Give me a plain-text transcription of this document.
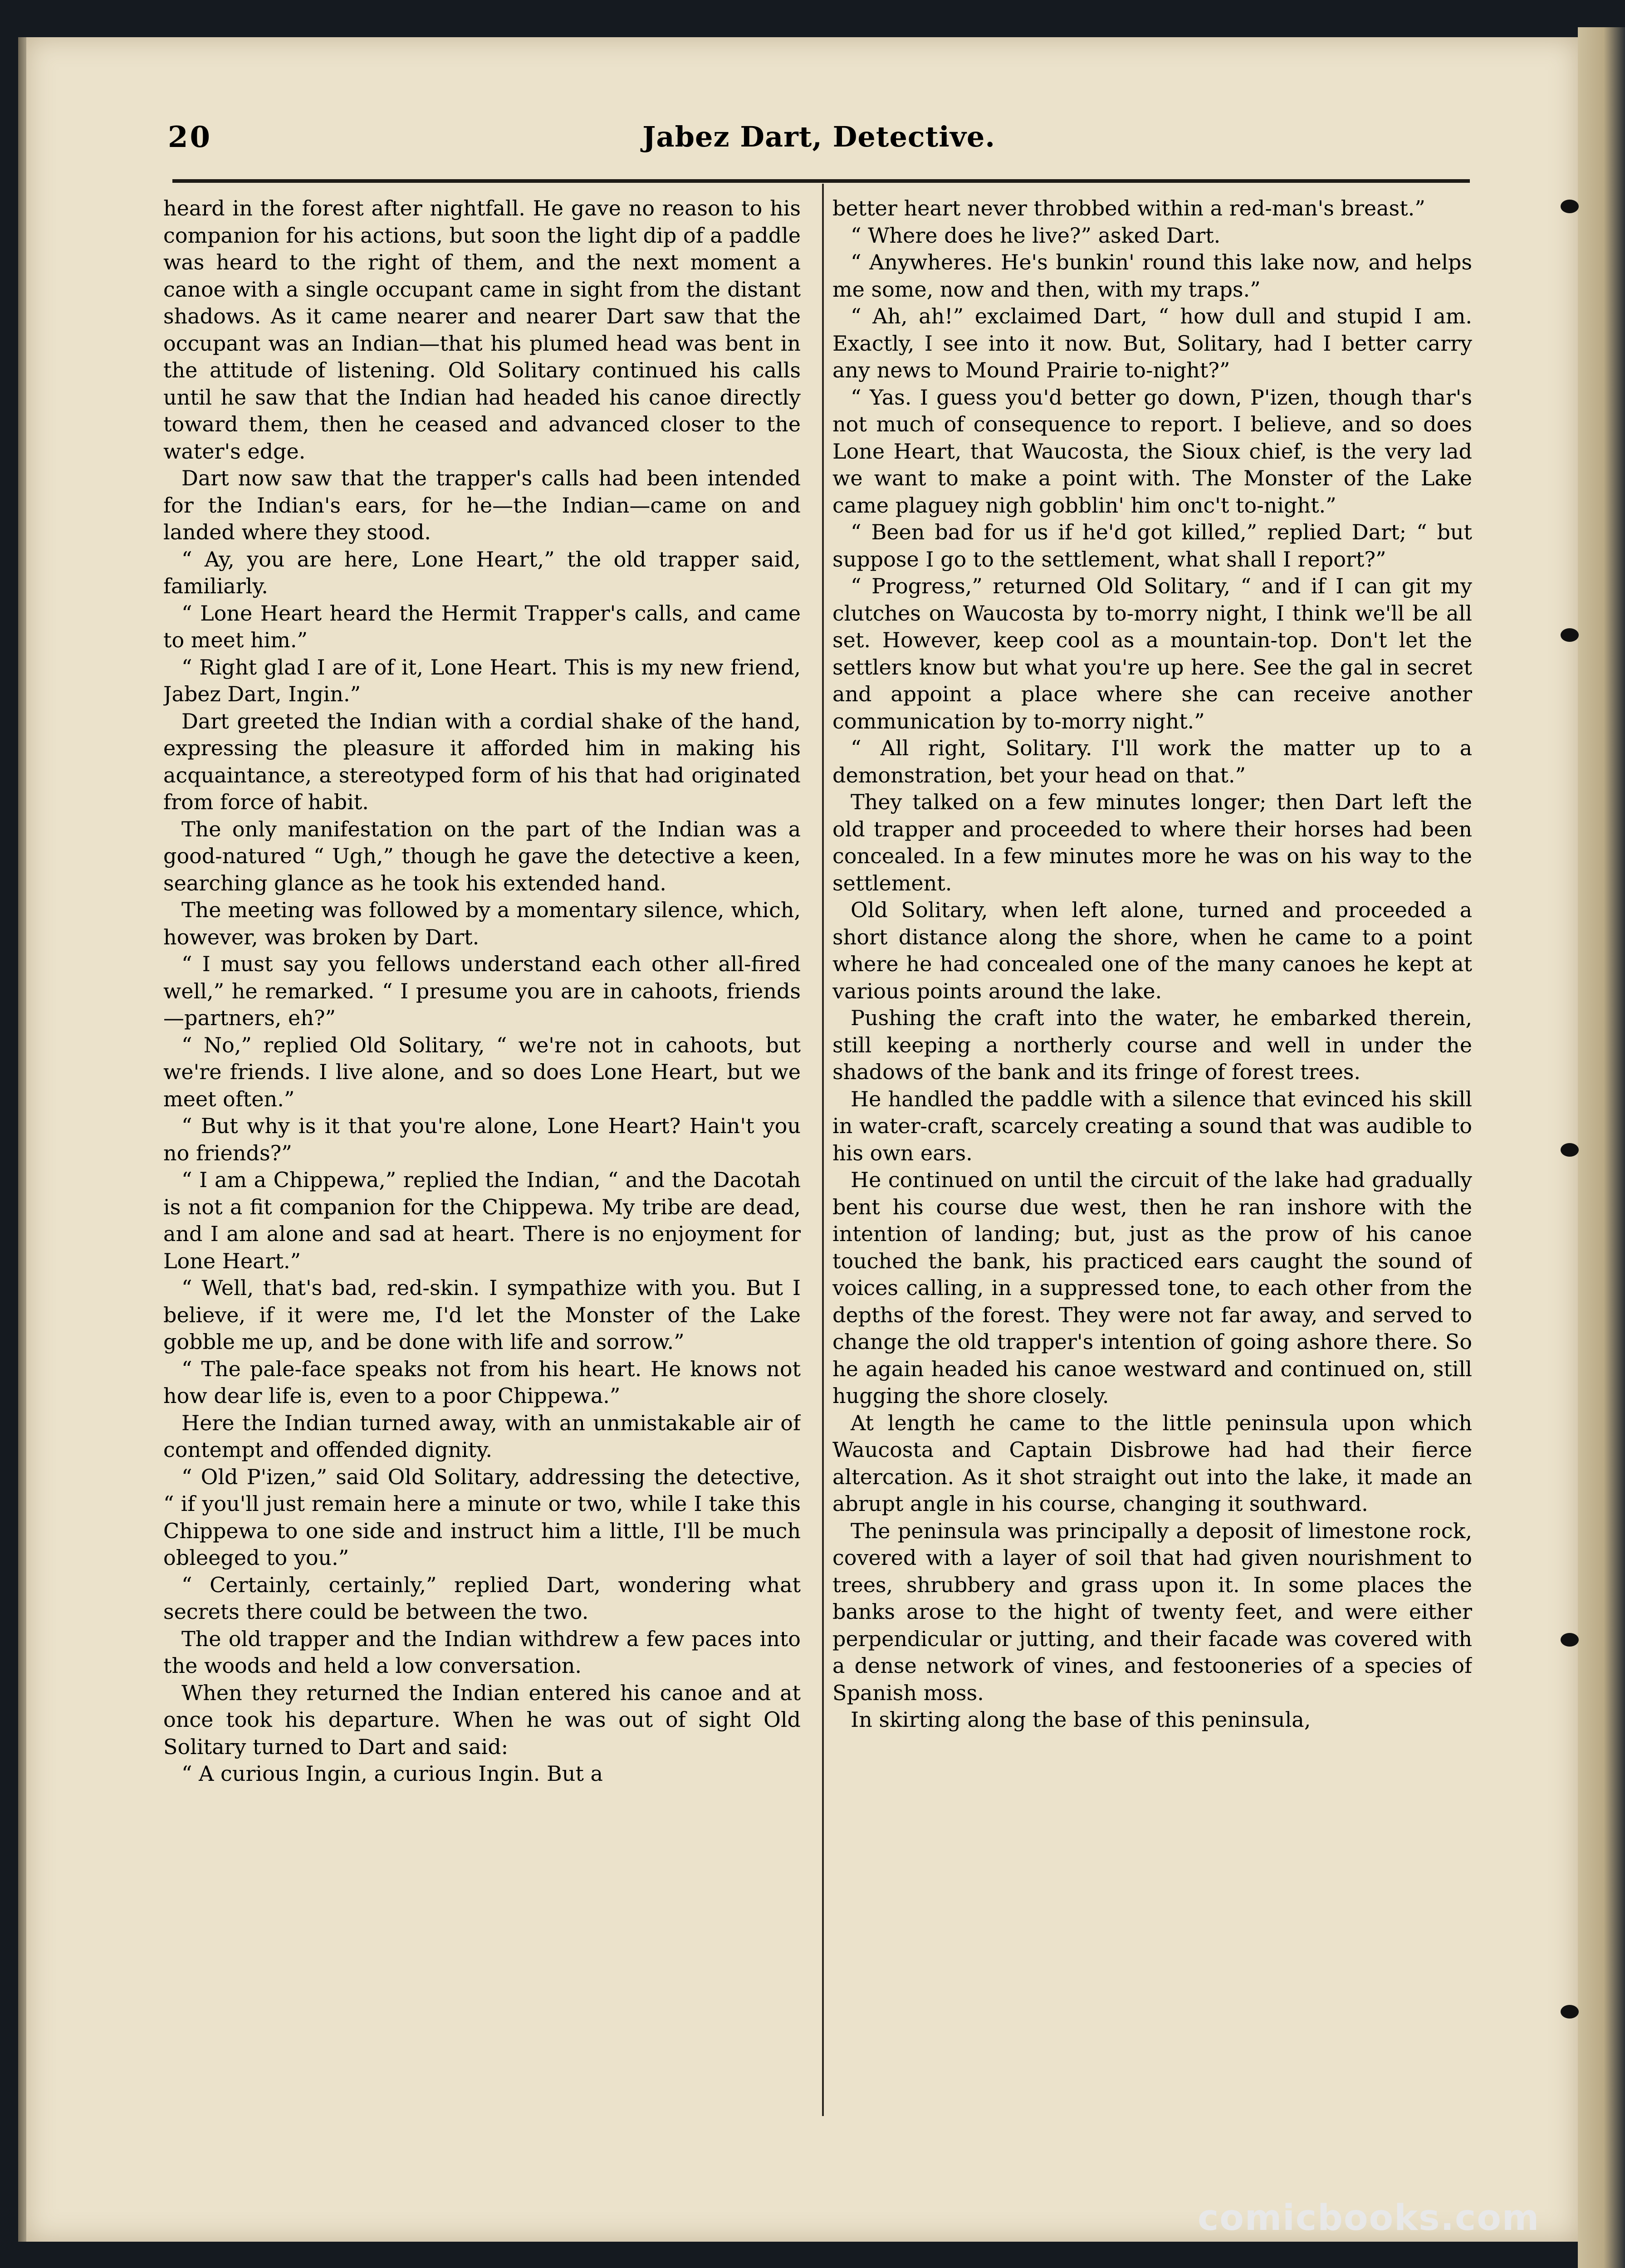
20	Jabez Dart, Detective.

heard in the forest after nightfall. He gave no reason to his companion for his actions, but soon the light dip of a paddle was heard to the right of them, and the next moment a canoe with a single occupant came in sight from the distant shadows. As it came nearer and nearer Dart saw that the occupant was an Indian—that his plumed head was bent in the attitude of listening. Old Solitary continued his calls until he saw that the Indian had headed his canoe directly toward them, then he ceased and advanced closer to the water's edge.

Dart now saw that the trapper's calls had been intended for the Indian's ears, for he—the Indian—came on and landed where they stood.

“ Ay, you are here, Lone Heart,” the old trapper said, familiarly.

“ Lone Heart heard the Hermit Trapper's calls, and came to meet him.”

“ Right glad I are of it, Lone Heart. This is my new friend, Jabez Dart, Ingin.”

Dart greeted the Indian with a cordial shake of the hand, expressing the pleasure it afforded him in making his acquaintance, a stereotyped form of his that had originated from force of habit.

The only manifestation on the part of the Indian was a good-natured “ Ugh,” though he gave the detective a keen, searching glance as he took his extended hand.

The meeting was followed by a momentary silence, which, however, was broken by Dart.

“ I must say you fellows understand each other all-fired well,” he remarked. “ I presume you are in cahoots, friends—partners, eh?”

“ No,” replied Old Solitary, “ we're not in cahoots, but we're friends. I live alone, and so does Lone Heart, but we meet often.”

“ But why is it that you're alone, Lone Heart? Hain't you no friends?”

“ I am a Chippewa,” replied the Indian, “ and the Dacotah is not a fit companion for the Chippewa. My tribe are dead, and I am alone and sad at heart. There is no enjoyment for Lone Heart.”

“ Well, that's bad, red-skin. I sympathize with you. But I believe, if it were me, I'd let the Monster of the Lake gobble me up, and be done with life and sorrow.”

“ The pale-face speaks not from his heart. He knows not how dear life is, even to a poor Chippewa.”

Here the Indian turned away, with an unmistakable air of contempt and offended dignity.

“ Old P'izen,” said Old Solitary, addressing the detective, “ if you'll just remain here a minute or two, while I take this Chippewa to one side and instruct him a little, I'll be much obleeged to you.”

“ Certainly, certainly,” replied Dart, wondering what secrets there could be between the two.

The old trapper and the Indian withdrew a few paces into the woods and held a low conversation.

When they returned the Indian entered his canoe and at once took his departure. When he was out of sight Old Solitary turned to Dart and said:

“ A curious Ingin, a curious Ingin. But a

better heart never throbbed within a red-man's breast.”

“ Where does he live?” asked Dart.

“ Anywheres. He's bunkin' round this lake now, and helps me some, now and then, with my traps.”

“ Ah, ah!” exclaimed Dart, “ how dull and stupid I am. Exactly, I see into it now. But, Solitary, had I better carry any news to Mound Prairie to-night?”

“ Yas. I guess you'd better go down, P'izen, though thar's not much of consequence to report. I believe, and so does Lone Heart, that Waucosta, the Sioux chief, is the very lad we want to make a point with. The Monster of the Lake came plaguey nigh gobblin' him onc't to-night.”

“ Been bad for us if he'd got killed,” replied Dart; “ but suppose I go to the settlement, what shall I report?”

“ Progress,” returned Old Solitary, “ and if I can git my clutches on Waucosta by to-morry night, I think we'll be all set. However, keep cool as a mountain-top. Don't let the settlers know but what you're up here. See the gal in secret and appoint a place where she can receive another communication by to-morry night.”

“ All right, Solitary. I'll work the matter up to a demonstration, bet your head on that.”

They talked on a few minutes longer; then Dart left the old trapper and proceeded to where their horses had been concealed. In a few minutes more he was on his way to the settlement.

Old Solitary, when left alone, turned and proceeded a short distance along the shore, when he came to a point where he had concealed one of the many canoes he kept at various points around the lake.

Pushing the craft into the water, he embarked therein, still keeping a northerly course and well in under the shadows of the bank and its fringe of forest trees.

He handled the paddle with a silence that evinced his skill in water-craft, scarcely creating a sound that was audible to his own ears.

He continued on until the circuit of the lake had gradually bent his course due west, then he ran inshore with the intention of landing; but, just as the prow of his canoe touched the bank, his practiced ears caught the sound of voices calling, in a suppressed tone, to each other from the depths of the forest. They were not far away, and served to change the old trapper's intention of going ashore there. So he again headed his canoe westward and continued on, still hugging the shore closely.

At length he came to the little peninsula upon which Waucosta and Captain Disbrowe had had their fierce altercation. As it shot straight out into the lake, it made an abrupt angle in his course, changing it southward.

The peninsula was principally a deposit of limestone rock, covered with a layer of soil that had given nourishment to trees, shrubbery and grass upon it. In some places the banks arose to the hight of twenty feet, and were either perpendicular or jutting, and their facade was covered with a dense network of vines, and festooneries of a species of Spanish moss.

In skirting along the base of this peninsula,

comicbooks.com
